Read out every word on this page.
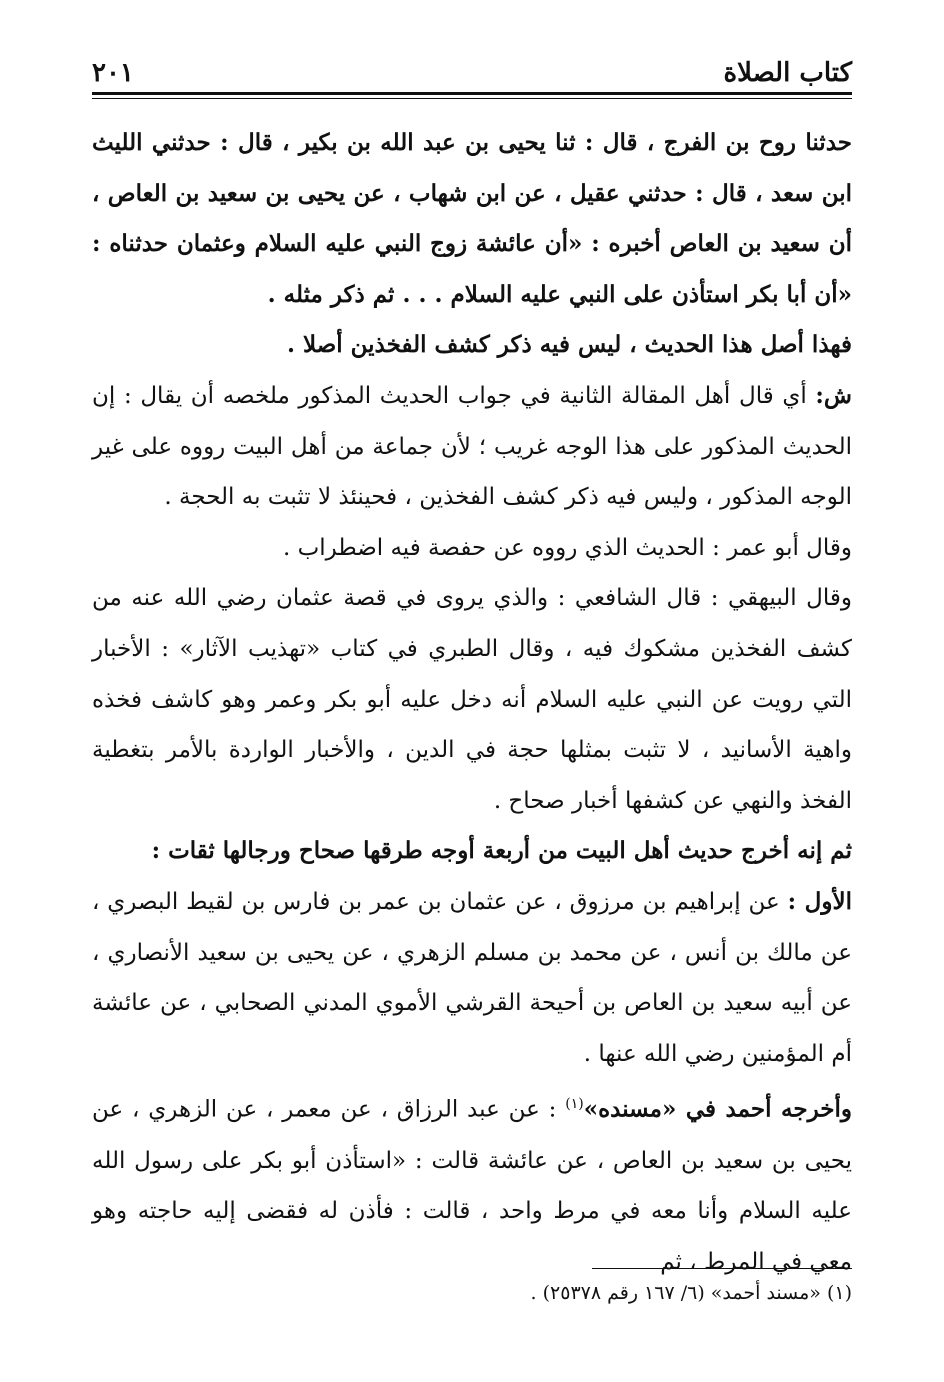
كتاب الصلاة
٢٠١

حدثنا روح بن الفرج ، قال : ثنا يحيى بن عبد الله بن بكير ، قال : حدثني الليث ابن سعد ، قال : حدثني عقيل ، عن ابن شهاب ، عن يحيى بن سعيد بن العاص ، أن سعيد بن العاص أخبره : «أن عائشة زوج النبي عليه السلام وعثمان حدثناه : «أن أبا بكر استأذن على النبي عليه السلام . . . ثم ذكر مثله .

فهذا أصل هذا الحديث ، ليس فيه ذكر كشف الفخذين أصلا .

ش: أي قال أهل المقالة الثانية في جواب الحديث المذكور ملخصه أن يقال : إن الحديث المذكور على هذا الوجه غريب ؛ لأن جماعة من أهل البيت رووه على غير الوجه المذكور ، وليس فيه ذكر كشف الفخذين ، فحينئذ لا تثبت به الحجة .

وقال أبو عمر : الحديث الذي رووه عن حفصة فيه اضطراب .

وقال البيهقي : قال الشافعي : والذي يروى في قصة عثمان رضي الله عنه من كشف الفخذين مشكوك فيه ، وقال الطبري في كتاب «تهذيب الآثار» : الأخبار التي رويت عن النبي عليه السلام أنه دخل عليه أبو بكر وعمر وهو كاشف فخذه واهية الأسانيد ، لا تثبت بمثلها حجة في الدين ، والأخبار الواردة بالأمر بتغطية الفخذ والنهي عن كشفها أخبار صحاح .

ثم إنه أخرج حديث أهل البيت من أربعة أوجه طرقها صحاح ورجالها ثقات :

الأول : عن إبراهيم بن مرزوق ، عن عثمان بن عمر بن فارس بن لقيط البصري ، عن مالك بن أنس ، عن محمد بن مسلم الزهري ، عن يحيى بن سعيد الأنصاري ، عن أبيه سعيد بن العاص بن أحيحة القرشي الأموي المدني الصحابي ، عن عائشة أم المؤمنين رضي الله عنها .

وأخرجه أحمد في «مسنده»$^{(١)}$ : عن عبد الرزاق ، عن معمر ، عن الزهري ، عن يحيى بن سعيد بن العاص ، عن عائشة قالت : «استأذن أبو بكر على رسول الله عليه السلام وأنا معه في مرط واحد ، قالت : فأذن له فقضى إليه حاجته وهو معي في المرط ، ثم

(١) «مسند أحمد» (٦/ ١٦٧ رقم ٢٥٣٧٨) .
